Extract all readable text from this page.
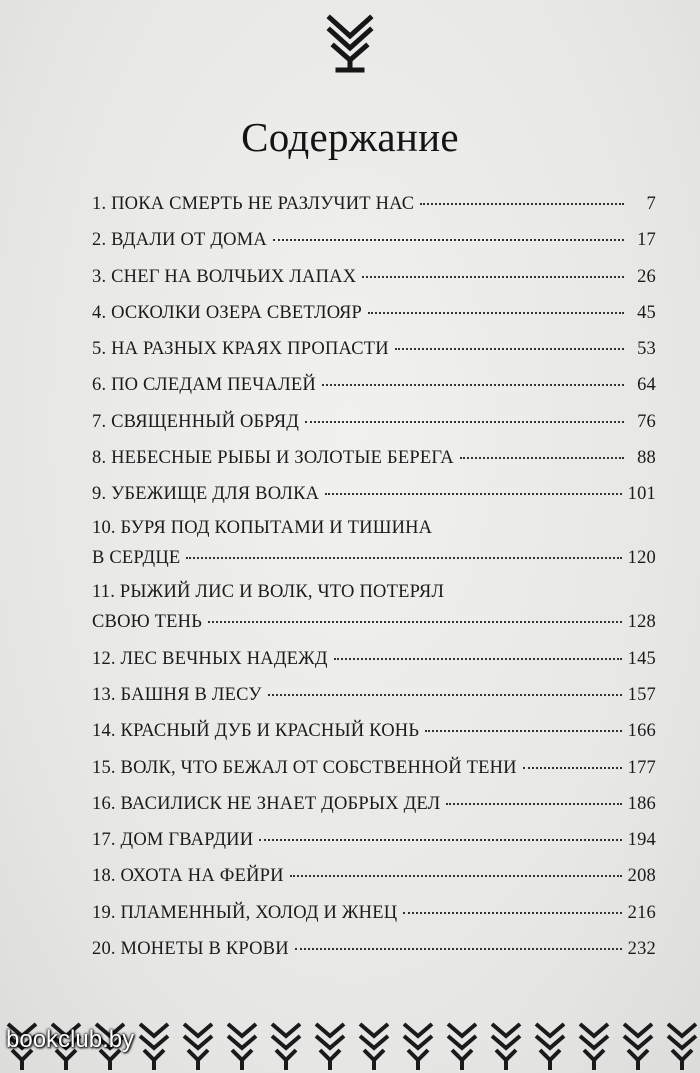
Содержание
1. ПОКА СМЕРТЬ НЕ РАЗЛУЧИТ НАС	7
2. ВДАЛИ ОТ ДОМА	17
3. СНЕГ НА ВОЛЧЬИХ ЛАПАХ	26
4. ОСКОЛКИ ОЗЕРА СВЕТЛОЯР	45
5. НА РАЗНЫХ КРАЯХ ПРОПАСТИ	53
6. ПО СЛЕДАМ ПЕЧАЛЕЙ	64
7. СВЯЩЕННЫЙ ОБРЯД	76
8. НЕБЕСНЫЕ РЫБЫ И ЗОЛОТЫЕ БЕРЕГА	88
9. УБЕЖИЩЕ ДЛЯ ВОЛКА	101
10. БУРЯ ПОД КОПЫТАМИ И ТИШИНА
В СЕРДЦЕ	120
11. РЫЖИЙ ЛИС И ВОЛК, ЧТО ПОТЕРЯЛ
СВОЮ ТЕНЬ	128
12. ЛЕС ВЕЧНЫХ НАДЕЖД	145
13. БАШНЯ В ЛЕСУ	157
14. КРАСНЫЙ ДУБ И КРАСНЫЙ КОНЬ	166
15. ВОЛК, ЧТО БЕЖАЛ ОТ СОБСТВЕННОЙ ТЕНИ	177
16. ВАСИЛИСК НЕ ЗНАЕТ ДОБРЫХ ДЕЛ	186
17. ДОМ ГВАРДИИ	194
18. ОХОТА НА ФЕЙРИ	208
19. ПЛАМЕННЫЙ, ХОЛОД И ЖНЕЦ	216
20. МОНЕТЫ В КРОВИ	232
bookclub.by
